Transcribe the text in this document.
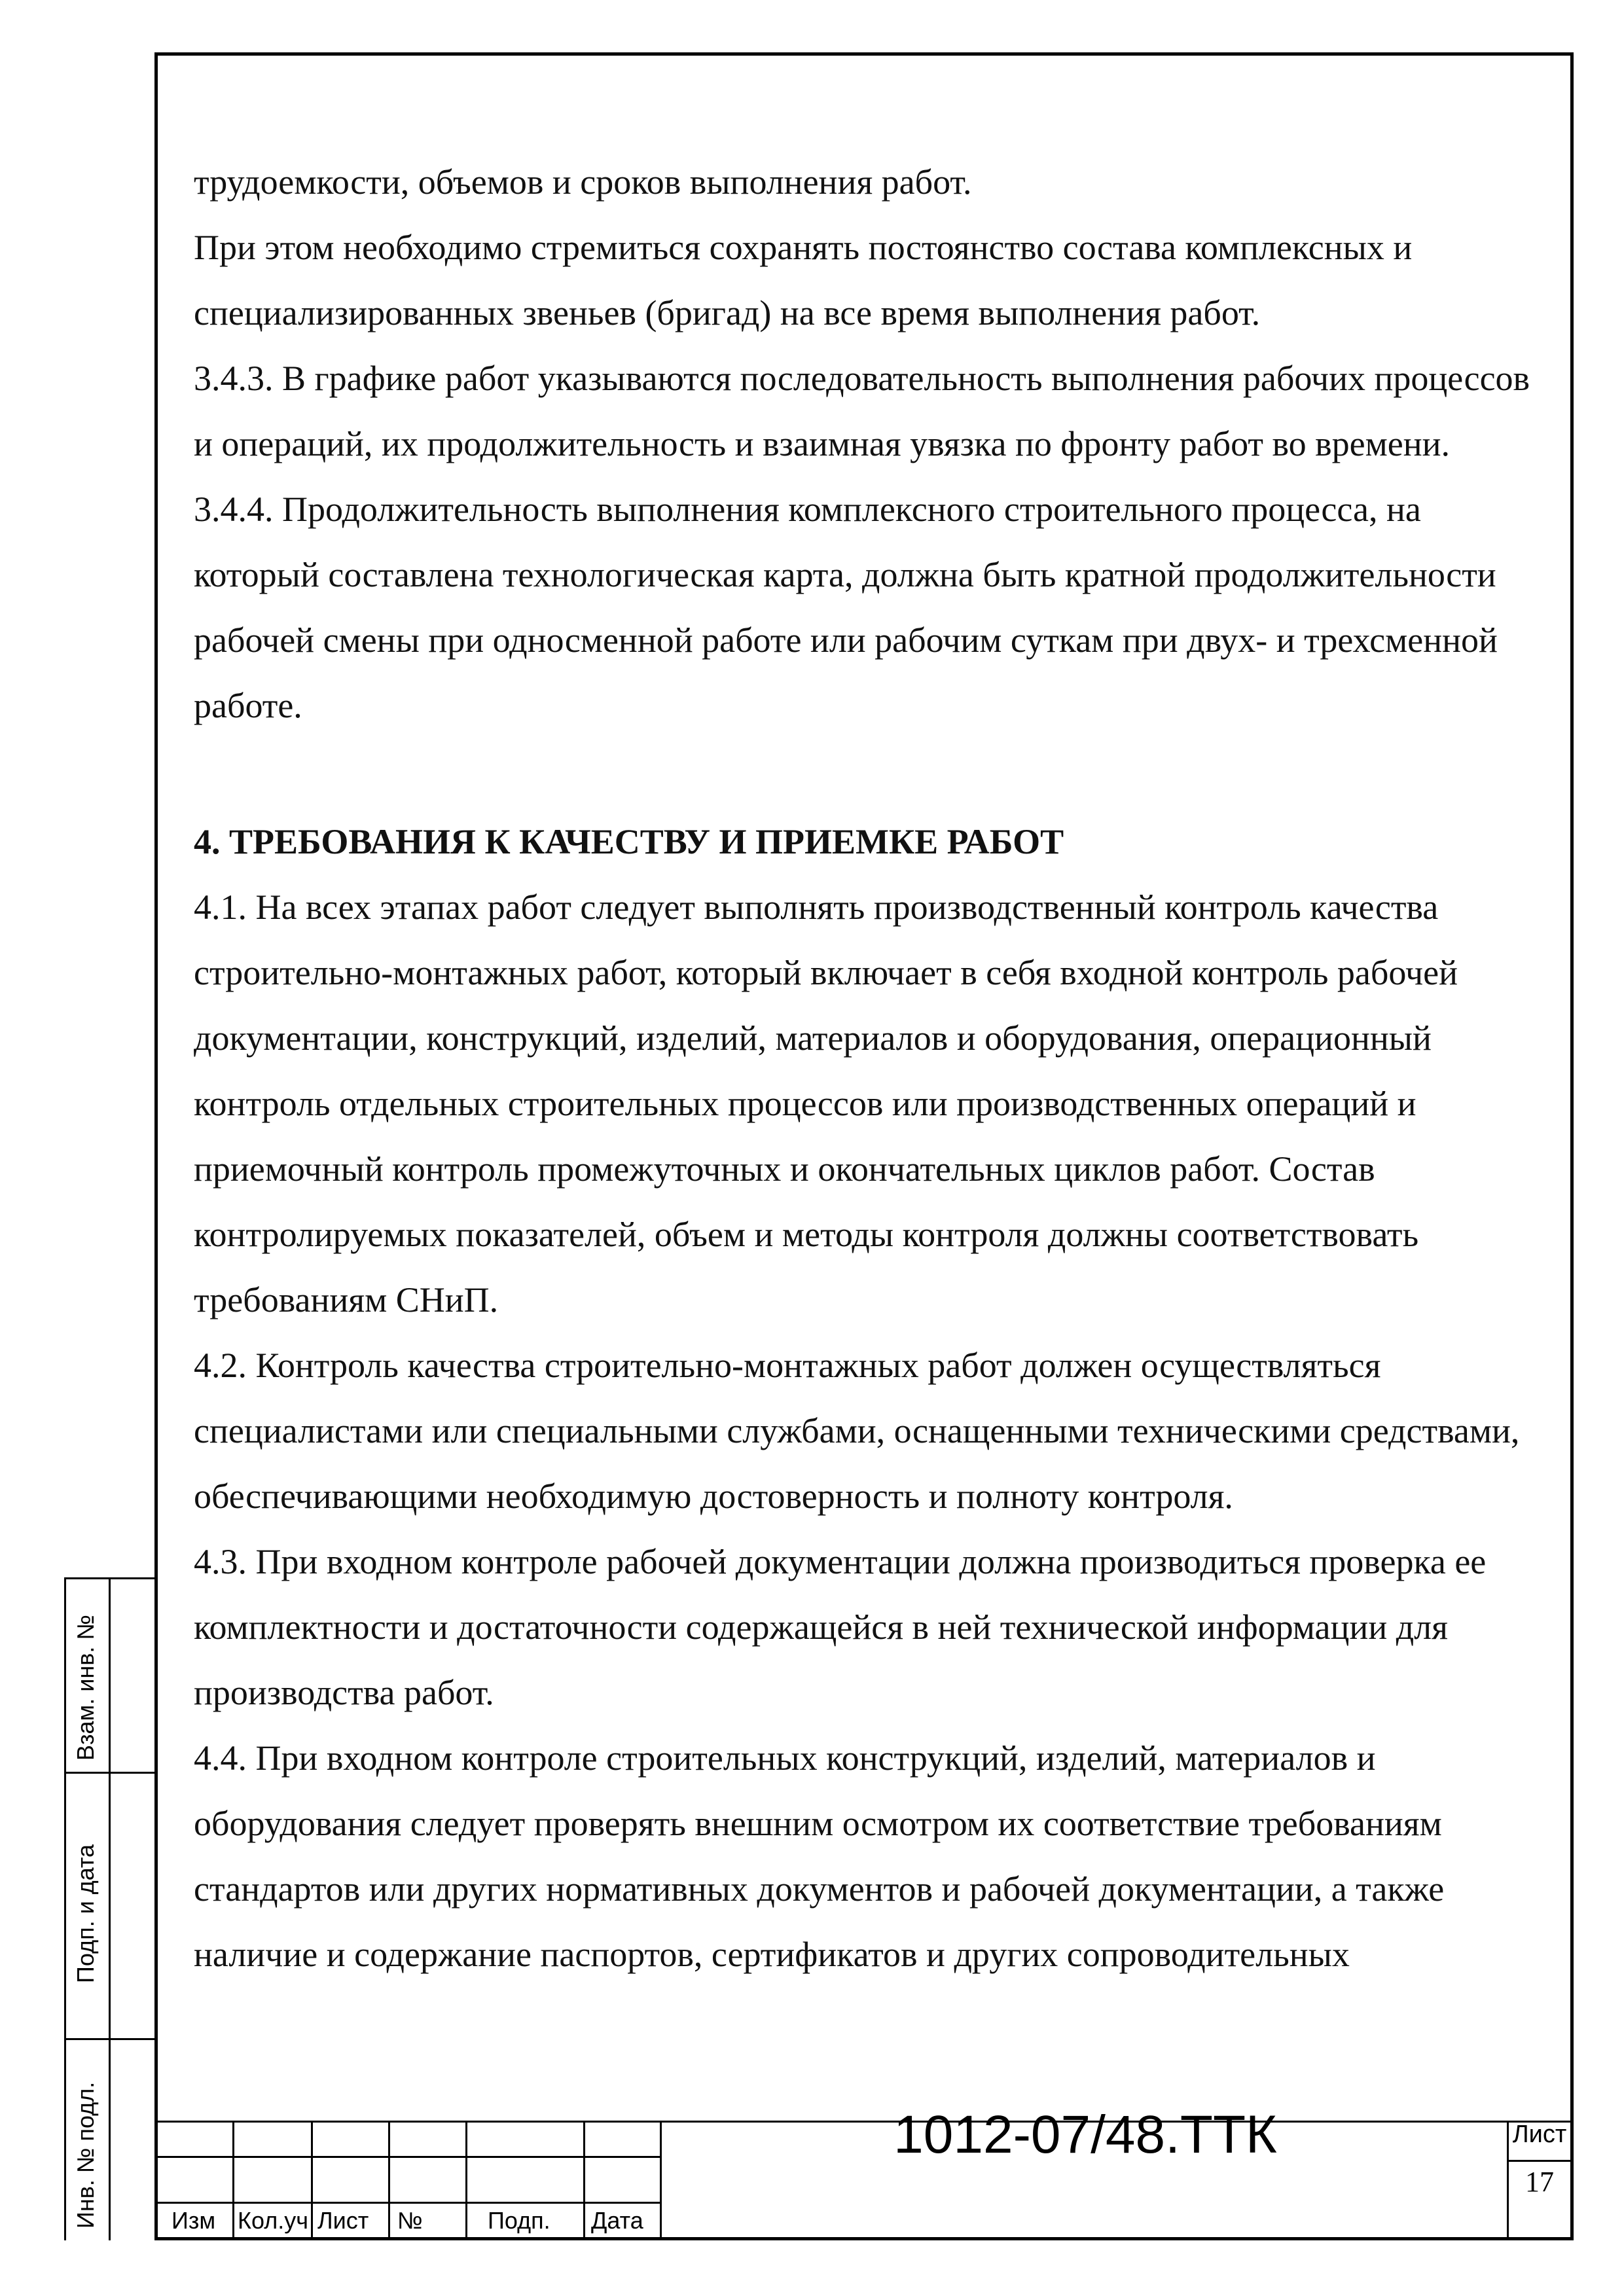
трудоемкости, объемов и сроков выполнения работ.

При этом необходимо стремиться сохранять постоянство состава комплексных и специализированных звеньев (бригад) на все время выполнения работ.

3.4.3. В графике работ указываются последовательность выполнения рабочих процессов и операций, их продолжительность и взаимная увязка по фронту работ во времени.

3.4.4. Продолжительность выполнения комплексного строительного процесса, на который составлена технологическая карта, должна быть кратной продолжительности рабочей смены при односменной работе или рабочим суткам при двух- и трехсменной работе.

4. ТРЕБОВАНИЯ К КАЧЕСТВУ И ПРИЕМКЕ РАБОТ

4.1. На всех этапах работ следует выполнять производственный контроль качества строительно-монтажных работ, который включает в себя входной контроль рабочей документации, конструкций, изделий, материалов и оборудования, операционный контроль отдельных строительных процессов или производственных операций и приемочный контроль промежуточных и окончательных циклов работ. Состав контролируемых показателей, объем и методы контроля должны соответствовать требованиям СНиП.

4.2. Контроль качества строительно-монтажных работ должен осуществляться специалистами или специальными службами, оснащенными техническими средствами, обеспечивающими необходимую достоверность и полноту контроля.

4.3. При входном контроле рабочей документации должна производиться проверка ее комплектности и достаточности содержащейся в ней технической информации для производства работ.

4.4. При входном контроле строительных конструкций, изделий, материалов и оборудования следует проверять внешним осмотром их соответствие требованиям стандартов или других нормативных документов и рабочей документации, а также наличие и содержание паспортов, сертификатов и других сопроводительных

Взам. инв. №
Подп. и дата
Инв. № подл.	Изм Кол.уч Лист №	Подп. Дата
1012-07/48.ТТК	Лист
17
